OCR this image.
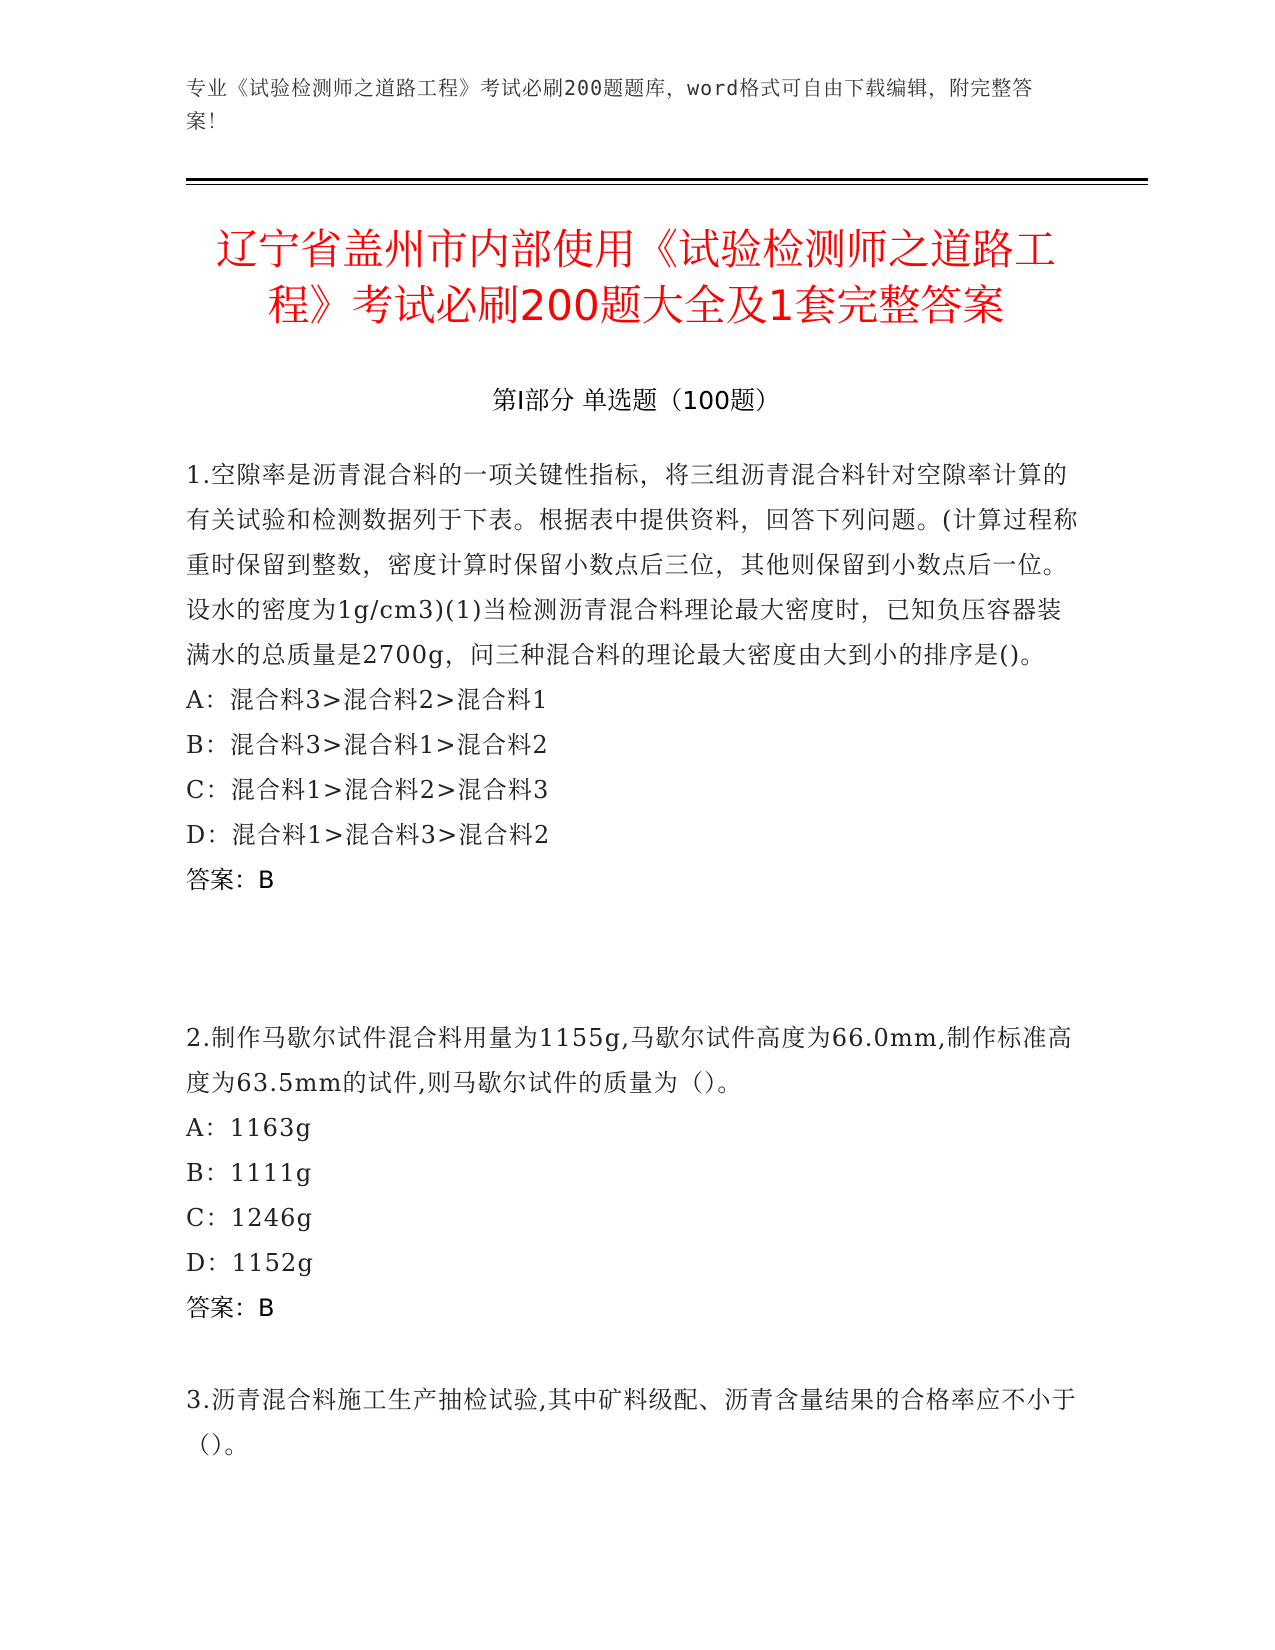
专业《试验检测师之道路工程》考试必刷200题题库，word格式可自由下载编辑，附完整答案！
辽宁省盖州市内部使用《试验检测师之道路工程》考试必刷200题大全及1套完整答案
第I部分 单选题（100题）

1.空隙率是沥青混合料的一项关键性指标，将三组沥青混合料针对空隙率计算的有关试验和检测数据列于下表。根据表中提供资料，回答下列问题。(计算过程称重时保留到整数，密度计算时保留小数点后三位，其他则保留到小数点后一位。设水的密度为1g/cm3)(1)当检测沥青混合料理论最大密度时，已知负压容器装满水的总质量是2700g，问三种混合料的理论最大密度由大到小的排序是()。

A：混合料3>混合料2>混合料1

B：混合料3>混合料1>混合料2

C：混合料1>混合料2>混合料3

D：混合料1>混合料3>混合料2

答案：B

2.制作马歇尔试件混合料用量为1155g,马歇尔试件高度为66.0mm,制作标准高度为63.5mm的试件,则马歇尔试件的质量为（）。

A：1163g

B：1111g

C：1246g

D：1152g

答案：B

3.沥青混合料施工生产抽检试验,其中矿料级配、沥青含量结果的合格率应不小于（）。
